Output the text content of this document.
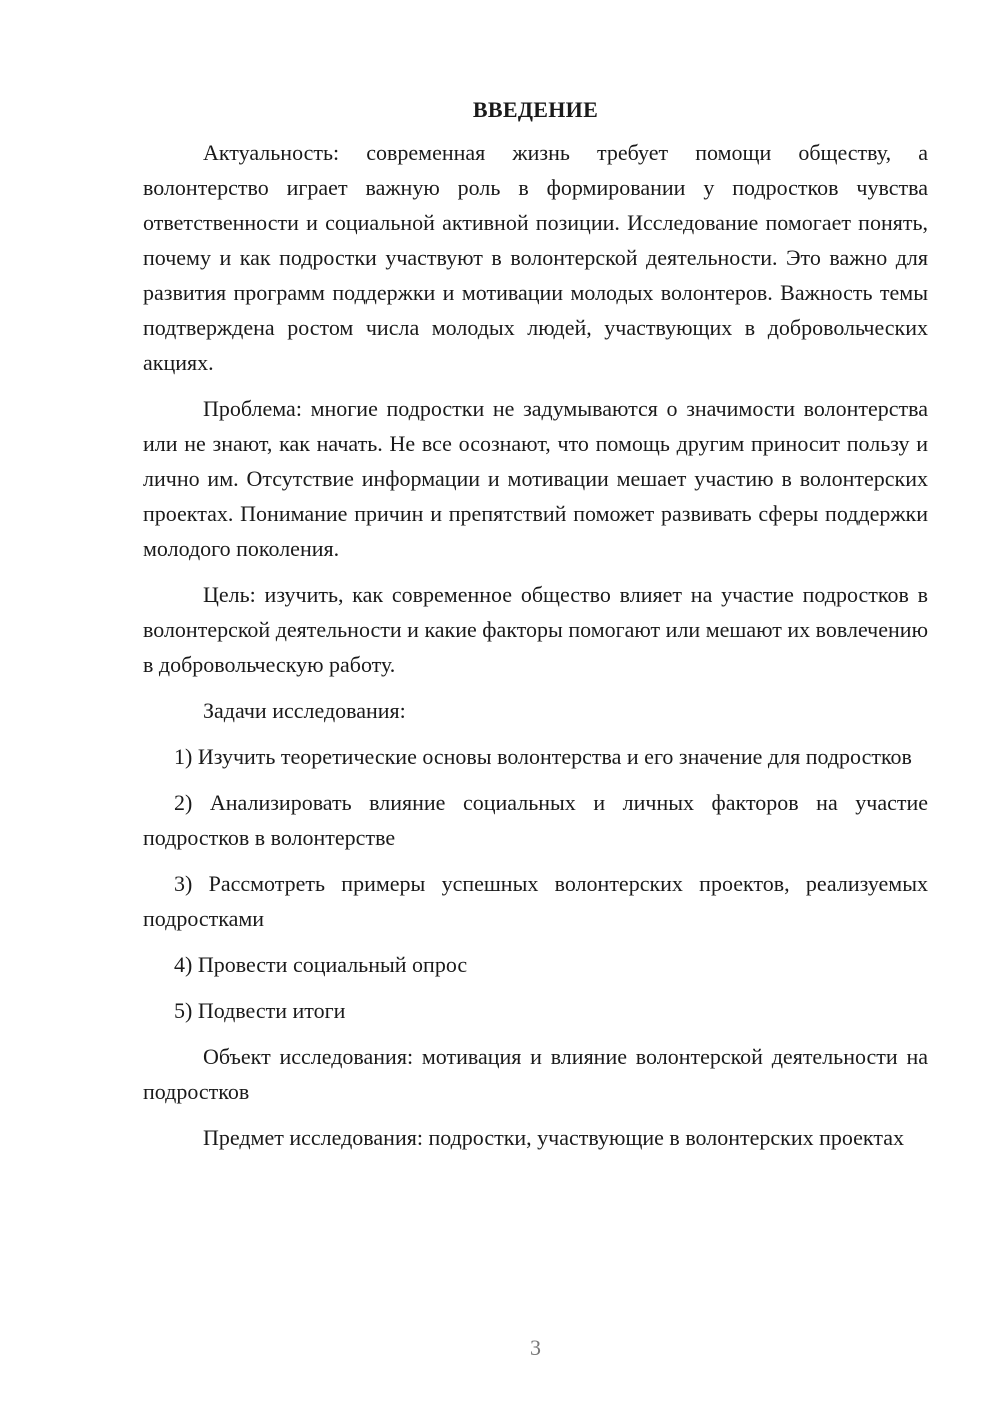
ВВЕДЕНИЕ

Актуальность: современная жизнь требует помощи обществу, а волонтерство играет важную роль в формировании у подростков чувства ответственности и социальной активной позиции. Исследование помогает понять, почему и как подростки участвуют в волонтерской деятельности. Это важно для развития программ поддержки и мотивации молодых волонтеров. Важность темы подтверждена ростом числа молодых людей, участвующих в добровольческих акциях.

Проблема: многие подростки не задумываются о значимости волонтерства или не знают, как начать. Не все осознают, что помощь другим приносит пользу и лично им. Отсутствие информации и мотивации мешает участию в волонтерских проектах. Понимание причин и препятствий поможет развивать сферы поддержки молодого поколения.

Цель: изучить, как современное общество влияет на участие подростков в волонтерской деятельности и какие факторы помогают или мешают их вовлечению в добровольческую работу.

Задачи исследования:

1) Изучить теоретические основы волонтерства и его значение для подростков

2) Анализировать влияние социальных и личных факторов на участие подростков в волонтерстве

3) Рассмотреть примеры успешных волонтерских проектов, реализуемых подростками

4) Провести социальный опрос

5) Подвести итоги

Объект исследования: мотивация и влияние волонтерской деятельности на подростков

Предмет исследования: подростки, участвующие в волонтерских проектах

3
